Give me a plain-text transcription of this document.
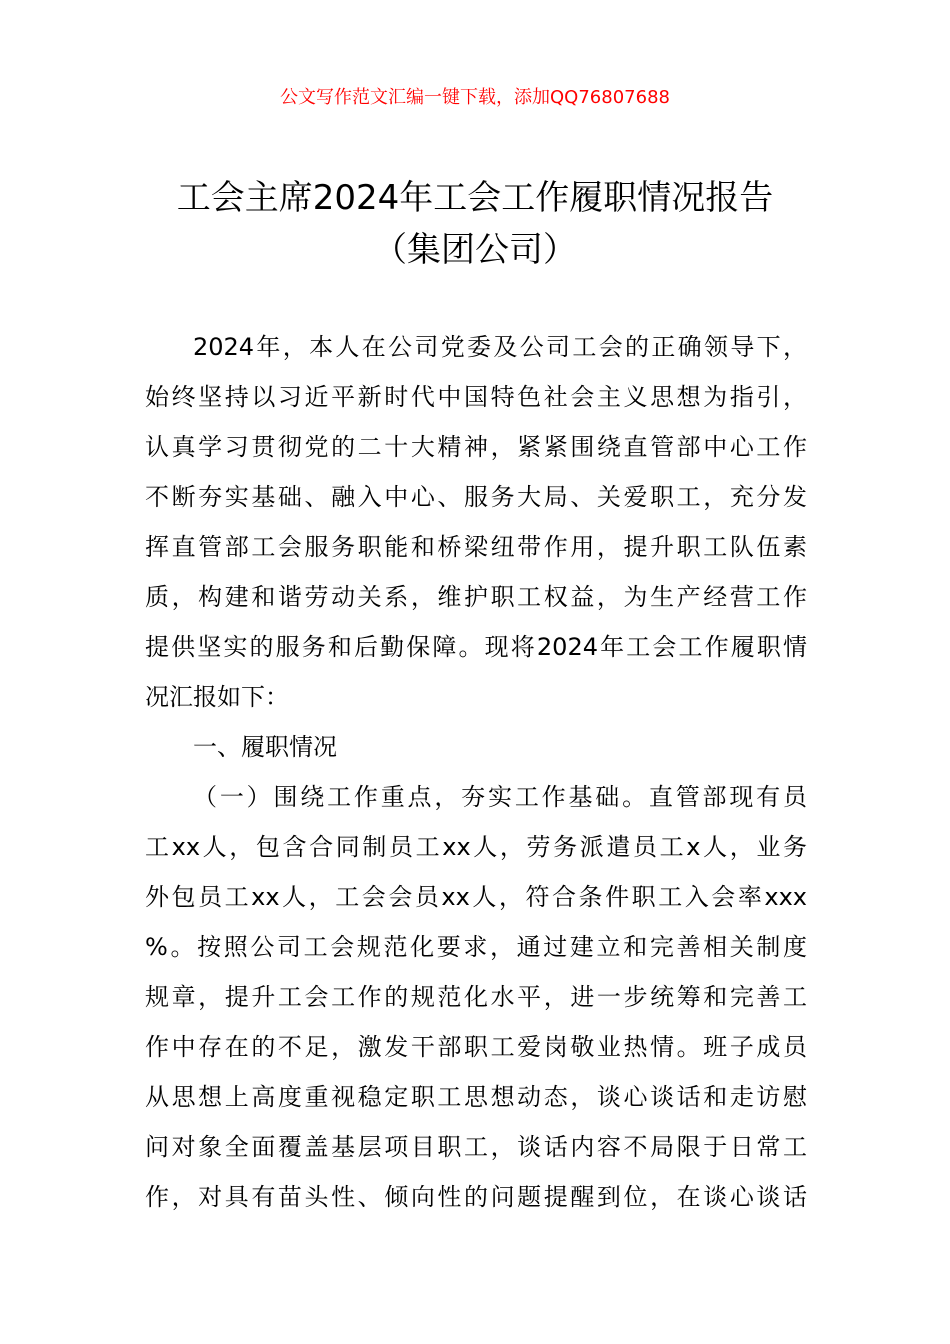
公文写作范文汇编一键下载，添加QQ76807688
工会主席2024年工会工作履职情况报告
（集团公司）
2024年，本人在公司党委及公司工会的正确领导下，
始终坚持以习近平新时代中国特色社会主义思想为指引，
认真学习贯彻党的二十大精神，紧紧围绕直管部中心工作
不断夯实基础、融入中心、服务大局、关爱职工，充分发
挥直管部工会服务职能和桥梁纽带作用，提升职工队伍素
质，构建和谐劳动关系，维护职工权益，为生产经营工作
提供坚实的服务和后勤保障。现将2024年工会工作履职情
况汇报如下：
一、履职情况
（一）围绕工作重点，夯实工作基础。直管部现有员
工xx人，包含合同制员工xx人，劳务派遣员工x人，业务
外包员工xx人，工会会员xx人，符合条件职工入会率xxx
%。按照公司工会规范化要求，通过建立和完善相关制度
规章，提升工会工作的规范化水平，进一步统筹和完善工
作中存在的不足，激发干部职工爱岗敬业热情。班子成员
从思想上高度重视稳定职工思想动态，谈心谈话和走访慰
问对象全面覆盖基层项目职工，谈话内容不局限于日常工
作，对具有苗头性、倾向性的问题提醒到位，在谈心谈话
